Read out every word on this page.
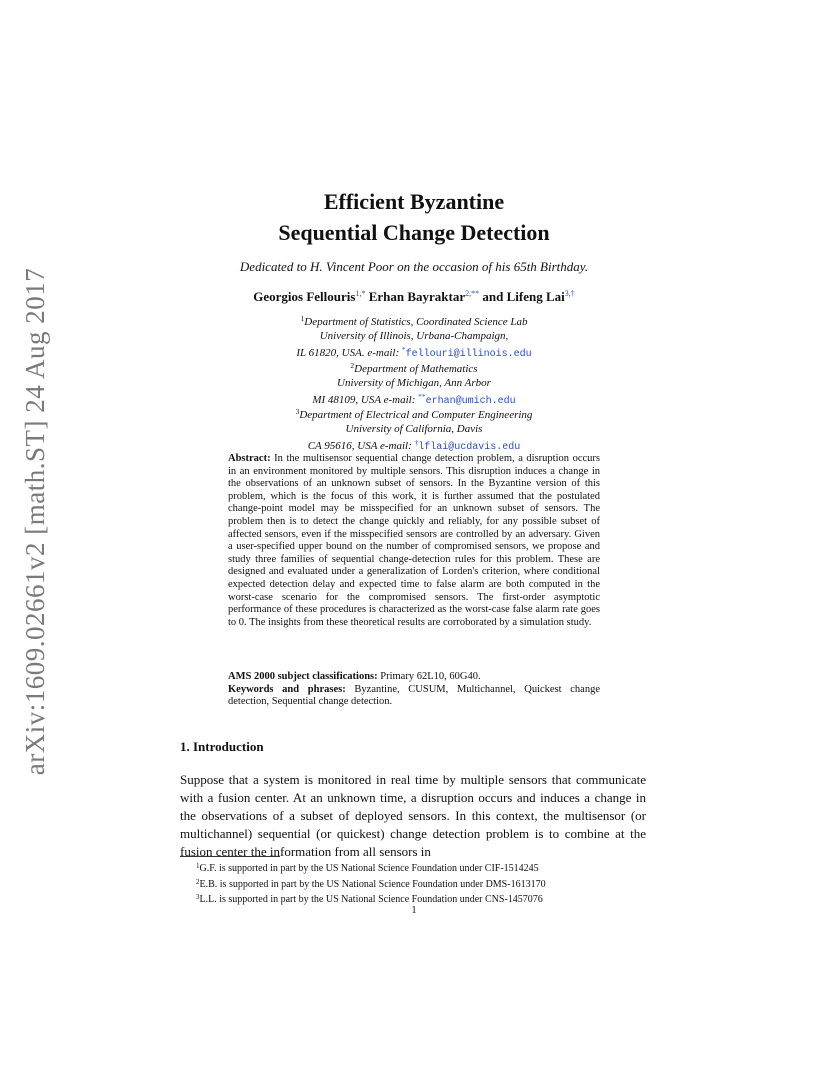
arXiv:1609.02661v2 [math.ST] 24 Aug 2017
Efficient Byzantine
Sequential Change Detection
Dedicated to H. Vincent Poor on the occasion of his 65th Birthday.
Georgios Fellouris$^{1,*}$ Erhan Bayraktar$^{2,**}$ and Lifeng Lai$^{3,\dagger}$
$^1$Department of Statistics, Coordinated Science Lab
University of Illinois, Urbana-Champaign,
IL 61820, USA. e-mail: *fellouri@illinois.edu
$^2$Department of Mathematics
University of Michigan, Ann Arbor
MI 48109, USA e-mail: **erhan@umich.edu
$^3$Department of Electrical and Computer Engineering
University of California, Davis
CA 95616, USA e-mail: †lflai@ucdavis.edu
Abstract: In the multisensor sequential change detection problem, a disruption occurs in an environment monitored by multiple sensors. This disruption induces a change in the observations of an unknown subset of sensors. In the Byzantine version of this problem, which is the focus of this work, it is further assumed that the postulated change-point model may be misspecified for an unknown subset of sensors. The problem then is to detect the change quickly and reliably, for any possible subset of affected sensors, even if the misspecified sensors are controlled by an adversary. Given a user-specified upper bound on the number of compromised sensors, we propose and study three families of sequential change-detection rules for this problem. These are designed and evaluated under a generalization of Lorden's criterion, where conditional expected detection delay and expected time to false alarm are both computed in the worst-case scenario for the compromised sensors. The first-order asymptotic performance of these procedures is characterized as the worst-case false alarm rate goes to 0. The insights from these theoretical results are corroborated by a simulation study.
AMS 2000 subject classifications: Primary 62L10, 60G40.
Keywords and phrases: Byzantine, CUSUM, Multichannel, Quickest change detection, Sequential change detection.
1. Introduction
Suppose that a system is monitored in real time by multiple sensors that communicate with a fusion center. At an unknown time, a disruption occurs and induces a change in the observations of a subset of deployed sensors. In this context, the multisensor (or multichannel) sequential (or quickest) change detection problem is to combine at the fusion center the information from all sensors in
$^1$G.F. is supported in part by the US National Science Foundation under CIF-1514245
$^2$E.B. is supported in part by the US National Science Foundation under DMS-1613170
$^3$L.L. is supported in part by the US National Science Foundation under CNS-1457076
1
